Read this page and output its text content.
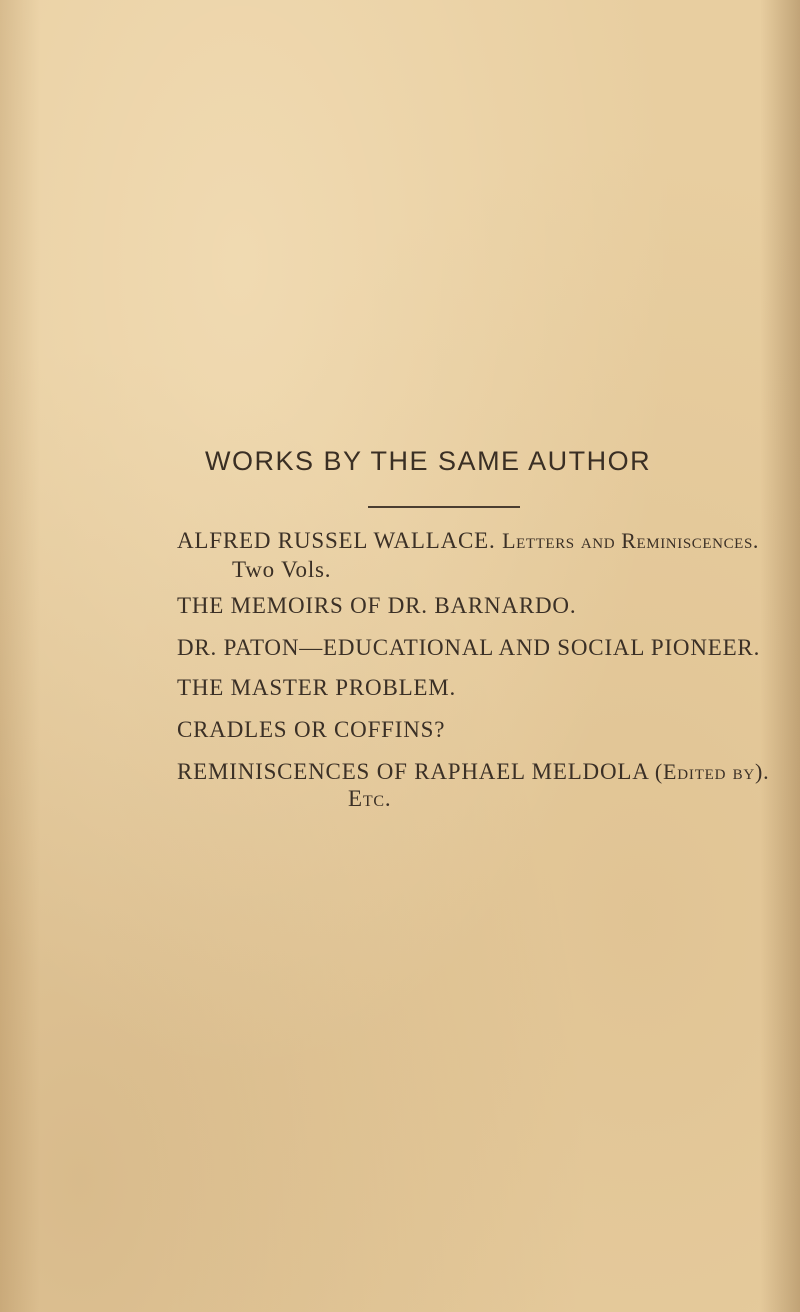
WORKS BY THE SAME AUTHOR
ALFRED RUSSEL WALLACE. Letters and Reminiscences.
Two Vols.
THE MEMOIRS OF DR. BARNARDO.
DR. PATON—EDUCATIONAL AND SOCIAL PIONEER.
THE MASTER PROBLEM.
CRADLES OR COFFINS?
REMINISCENCES OF RAPHAEL MELDOLA (Edited by).
Etc.
